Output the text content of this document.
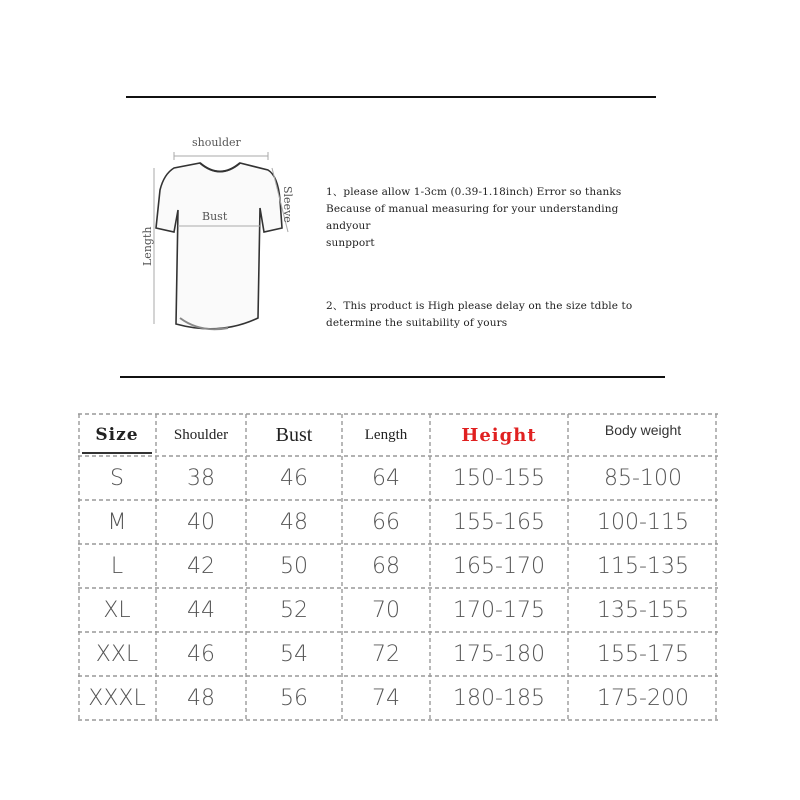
shoulder
Bust
Length
Sleeve	1、please allow 1-3cm (0.39-1.18inch) Error so thanks
Because of manual measuring for your understanding andyour
sunpport
2、This product is High please delay on the size tdble to
determine the suitability of yours
Size	Shoulder	Bust	Length	Height	Body weight
S	38	46	64	150-155	85-100
M	40	48	66	155-165	100-115
L	42	50	68	165-170	115-135
XL	44	52	70	170-175	135-155
XXL	46	54	72	175-180	155-175
XXXL	48	56	74	180-185	175-200
